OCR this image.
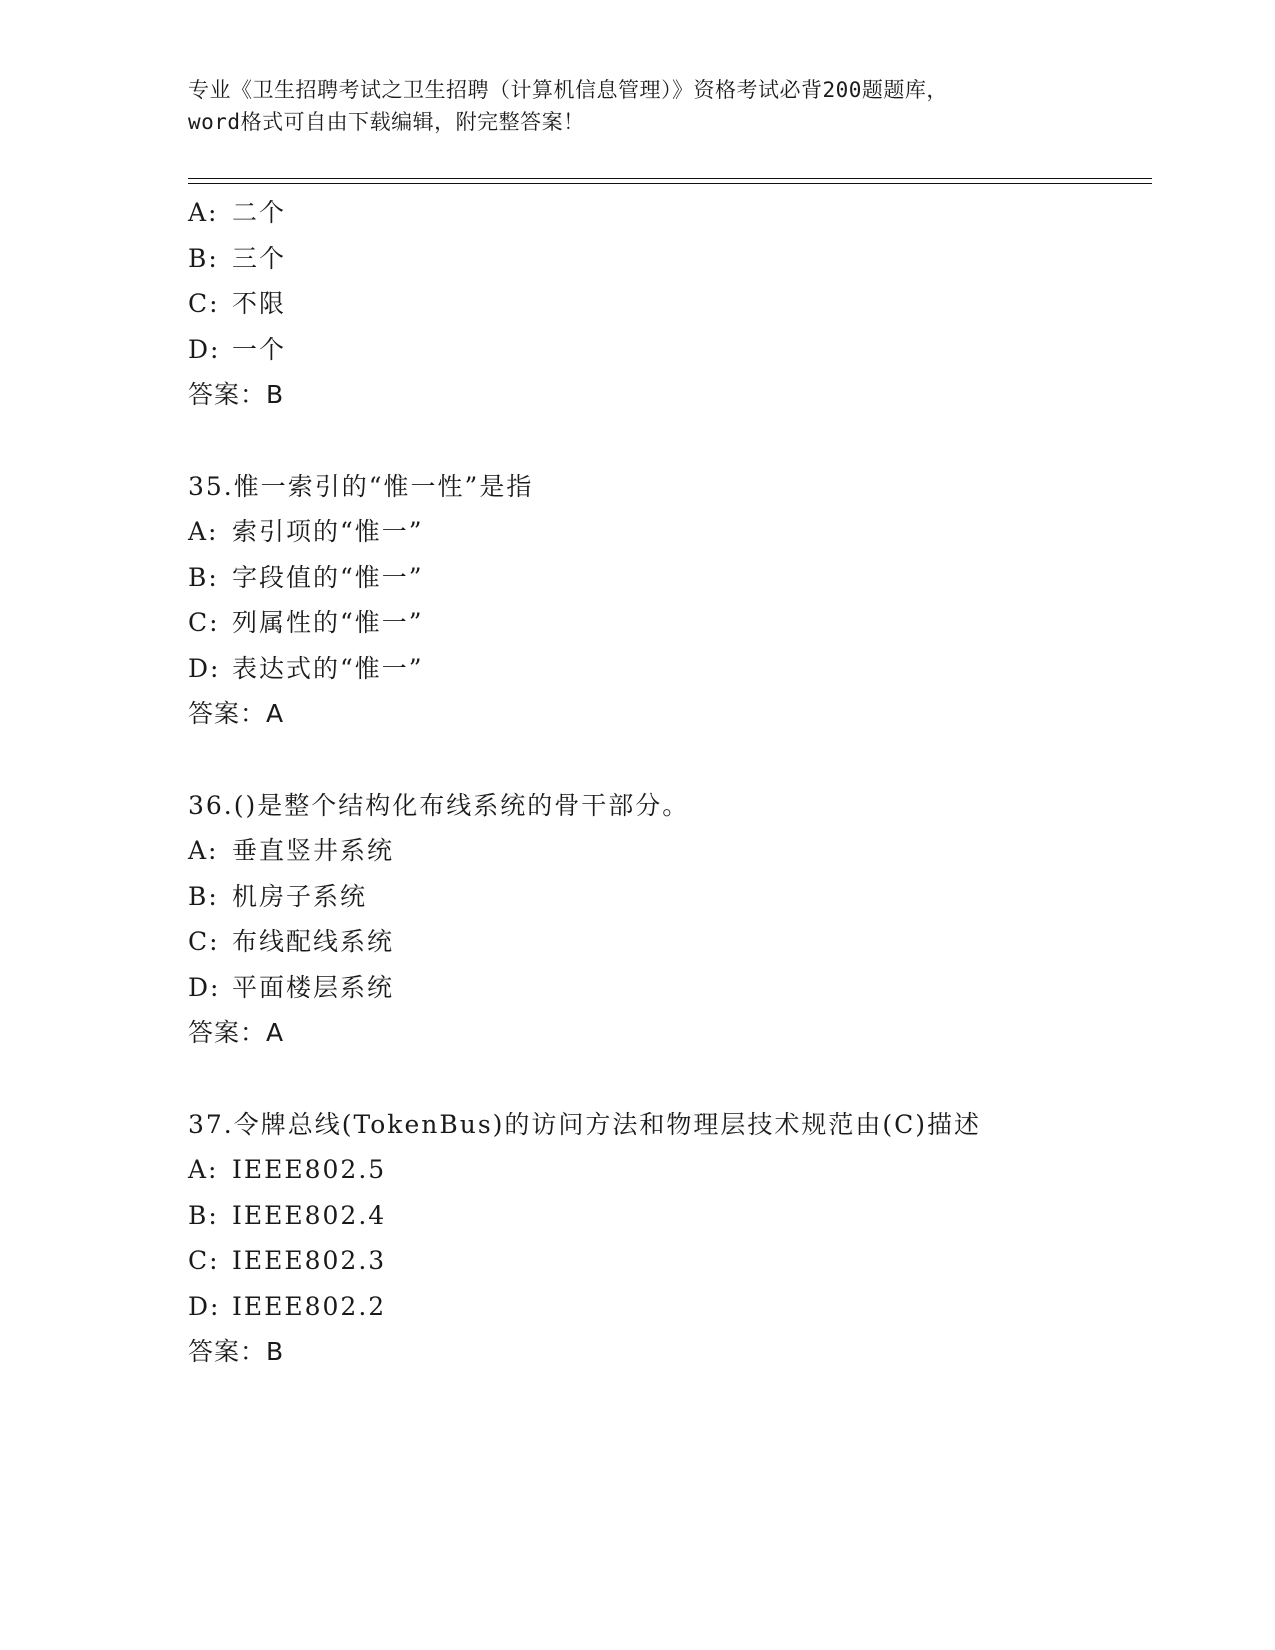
专业《卫生招聘考试之卫生招聘（计算机信息管理）》资格考试必背200题题库，
word格式可自由下载编辑，附完整答案！
A: 二个
B: 三个
C: 不限
D: 一个
答案：B
35.惟一索引的“惟一性”是指
A: 索引项的“惟一”
B: 字段值的“惟一”
C: 列属性的“惟一”
D: 表达式的“惟一”
答案：A
36.()是整个结构化布线系统的骨干部分。
A: 垂直竖井系统
B: 机房子系统
C: 布线配线系统
D: 平面楼层系统
答案：A
37.令牌总线(TokenBus)的访问方法和物理层技术规范由(C)描述
A: IEEE802.5
B: IEEE802.4
C: IEEE802.3
D: IEEE802.2
答案：B
